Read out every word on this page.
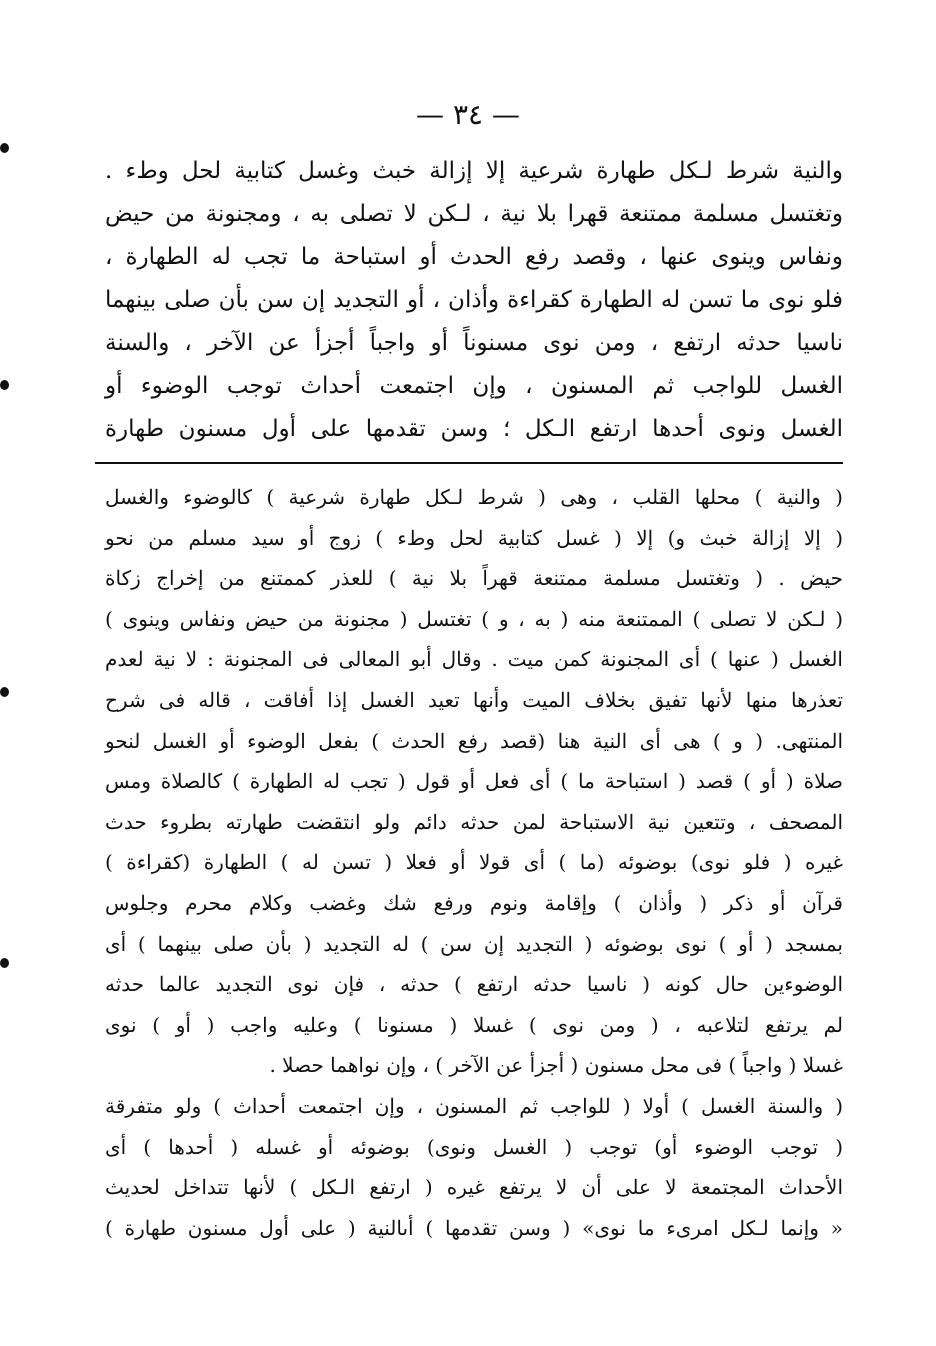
— ٣٤ —
والنية شرط لـكل طهارة شرعية إلا إزالة خبث وغسل كتابية لحل وطء .
وتغتسل مسلمة ممتنعة قهرا بلا نية ، لـكن لا تصلى به ، ومجنونة من حيض
ونفاس وينوى عنها ، وقصد رفع الحدث أو استباحة ما تجب له الطهارة ،
فلو نوى ما تسن له الطهارة كقراءة وأذان ، أو التجديد إن سن بأن صلى بينهما
ناسيا حدثه ارتفع ، ومن نوى مسنوناً أو واجباً أجزأ عن الآخر ، والسنة
الغسل للواجب ثم المسنون ، وإن اجتمعت أحداث توجب الوضوء أو
الغسل ونوى أحدها ارتفع الـكل ؛ وسن تقدمها على أول مسنون طهارة
( والنية ) محلها القلب ، وهى ( شرط لـكل طهارة شرعية ) كالوضوء والغسل
( إلا إزالة خبث و) إلا ( غسل كتابية لحل وطء ) زوج أو سيد مسلم من نحو
حيض . ( وتغتسل مسلمة ممتنعة قهراً بلا نية ) للعذر كممتنع من إخراج زكاة
( لـكن لا تصلى ) الممتنعة منه ( به ، و ) تغتسل ( مجنونة من حيض ونفاس وينوى )
الغسل ( عنها ) أى المجنونة كمن ميت . وقال أبو المعالى فى المجنونة : لا نية لعدم
تعذرها منها لأنها تفيق بخلاف الميت وأنها تعيد الغسل إذا أفاقت ، قاله فى شرح
المنتهى. ( و ) هى أى النية هنا (قصد رفع الحدث ) بفعل الوضوء أو الغسل لنحو
صلاة ( أو ) قصد ( استباحة ما ) أى فعل أو قول ( تجب له الطهارة ) كالصلاة ومس
المصحف ، وتتعين نية الاستباحة لمن حدثه دائم ولو انتقضت طهارته بطروء حدث
غيره ( فلو نوى) بوضوئه (ما ) أى قولا أو فعلا ( تسن له ) الطهارة (كقراءة )
قرآن أو ذكر ( وأذان ) وإقامة ونوم ورفع شك وغضب وكلام محرم وجلوس
بمسجد ( أو ) نوى بوضوئه ( التجديد إن سن ) له التجديد ( بأن صلى بينهما ) أى
الوضوءين حال كونه ( ناسيا حدثه ارتفع ) حدثه ، فإن نوى التجديد عالما حدثه
لم يرتفع لتلاعبه ، ( ومن نوى ) غسلا ( مسنونا ) وعليه واجب ( أو ) نوى
غسلا ( واجباً ) فى محل مسنون ( أجزأ عن الآخر ) ، وإن نواهما حصلا .
( والسنة الغسل ) أولا ( للواجب ثم المسنون ، وإن اجتمعت أحداث ) ولو متفرقة
( توجب الوضوء أو) توجب ( الغسل ونوى) بوضوئه أو غسله ( أحدها ) أى
الأحداث المجتمعة لا على أن لا يرتفع غيره ( ارتفع الـكل ) لأنها تتداخل لحديث
« وإنما لـكل امرىء ما نوى» ( وسن تقدمها ) أىالنية ( على أول مسنون طهارة )
